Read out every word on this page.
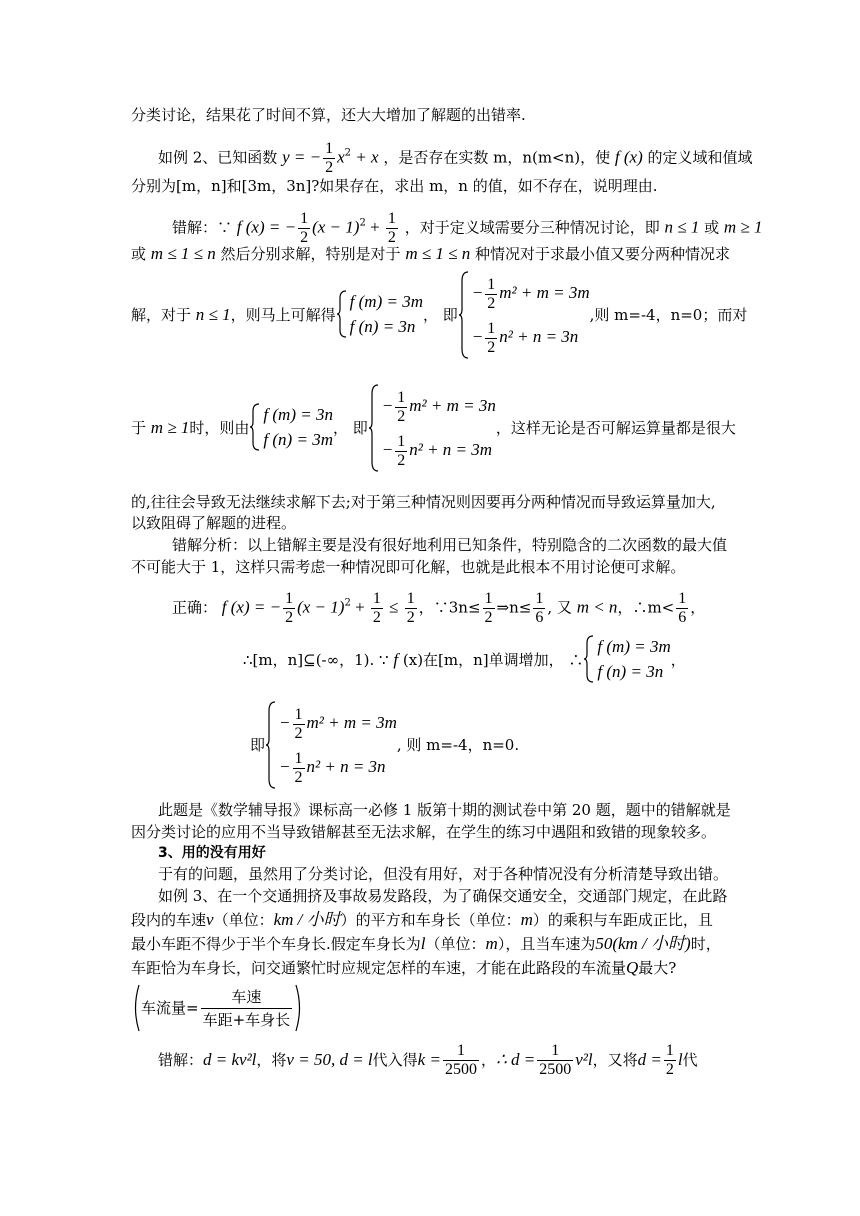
分类讨论，结果花了时间不算，还大大增加了解题的出错率.
如例 2、已知函数 y = − $\frac{1}{2} x^2 + x$ ，是否存在实数 m，n(m<n)，使 f (x) 的定义域和值域
分别为[m，n]和[3m，3n]?如果存在，求出 m，n 的值，如不存在，说明理由.
错解：∵ f (x) = − $\frac{1}{2} (x - 1)^2 + \frac{1}{2}$ ，对于定义域需要分三种情况讨论，即 n ≤ 1 或 m ≥ 1
或 m ≤ 1 ≤ n 然后分别求解，特别是对于 m ≤ 1 ≤ n 种情况对于求最小值又要分两种情况求
解，对于
n ≤ 1 ，则马上可解得
f (m) = 3m
f (n) = 3n
， 即
− $\frac{1}{2} m^2 + m = 3m$
− $\frac{1}{2} n^2 + n = 3n$
,则 m=-4，n=0；而对
于
m ≥ 1 时，则由
f (m) = 3n
f (n) = 3m
， 即
− $\frac{1}{2} m^2 + m = 3n$
− $\frac{1}{2} n^2 + n = 3m$
，这样无论是否可解运算量都是很大
的,往往会导致无法继续求解下去;对于第三种情况则因要再分两种情况而导致运算量加大,
以致阻碍了解题的进程。
错解分析：以上错解主要是没有很好地利用已知条件，特别隐含的二次函数的最大值
不可能大于 1，这样只需考虑一种情况即可化解，也就是此根本不用讨论便可求解。
正确： f (x) = − $\frac{1}{2} (x - 1)^2 + \frac{1}{2} \le \frac{1}{2}$ ，∵3n≤ $\frac{1}{2}$ ⇒n≤ $\frac{1}{6}$ , 又 m < n，∴m< $\frac{1}{6}$ ，
∴[m，n]⊆(-∞，1). ∵
f
(x)在[m，n]单调增加， ∴
f (m) = 3m
f (n) = 3n
，
即
− $\frac{1}{2} m^2 + m = 3m$
− $\frac{1}{2} n^2 + n = 3n$
, 则 m=-4，n=0.
此题是《数学辅导报》课标高一必修 1 版第十期的测试卷中第 20 题，题中的错解就是
因分类讨论的应用不当导致错解甚至无法求解，在学生的练习中遇阻和致错的现象较多。
3、用的没有用好
于有的问题，虽然用了分类讨论，但没有用好，对于各种情况没有分析清楚导致出错。
如例 3、在一个交通拥挤及事故易发路段，为了确保交通安全，交通部门规定，在此路
段内的车速v（单位：km / 小时）的平方和车身长（单位：m）的乘积与车距成正比，且
最小车距不得少于半个车身长.假定车身长为l（单位：m），且当车速为50(km / 小时)时，
车距恰为车身长，问交通繁忙时应规定怎样的车速，才能在此路段的车流量Q最大?
车流量= $\frac{\text{车速}}{\text{车距+车身长}}$
错解： d = kv²l ，将 v = 50, d = l 代入得 $k = \frac{1}{2500}$ ， ∴ $d = \frac{1}{2500} v^2l$ ，又将 $d = \frac{1}{2}$ l 代
